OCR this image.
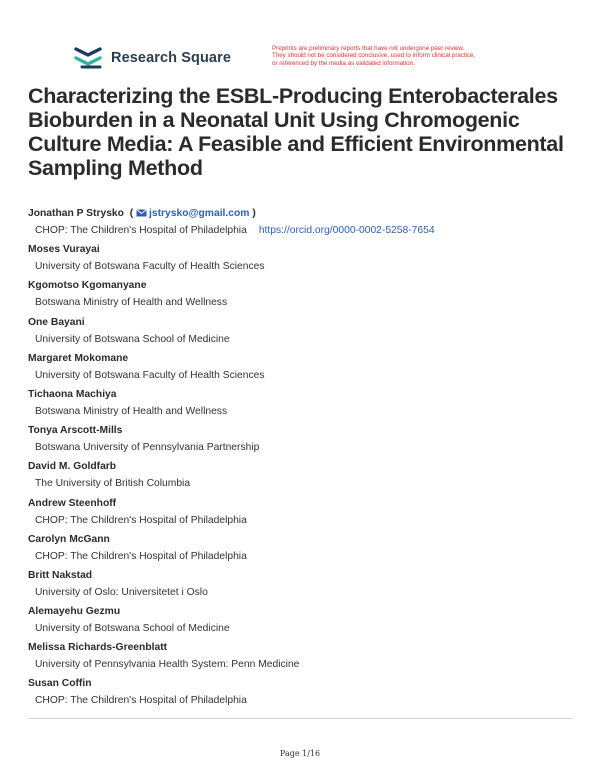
Research Square
Preprints are preliminary reports that have not undergone peer review.
They should not be considered conclusive, used to inform clinical practice,
or referenced by the media as validated information.
Characterizing the ESBL-Producing Enterobacterales Bioburden in a Neonatal Unit Using Chromogenic Culture Media: A Feasible and Efficient Environmental Sampling Method
Jonathan P Strysko  ( jstrysko@gmail.com )
CHOP: The Children's Hospital of Philadelphia https://orcid.org/0000-0002-5258-7654
Moses Vurayai
University of Botswana Faculty of Health Sciences
Kgomotso Kgomanyane
Botswana Ministry of Health and Wellness
One Bayani
University of Botswana School of Medicine
Margaret Mokomane
University of Botswana Faculty of Health Sciences
Tichaona Machiya
Botswana Ministry of Health and Wellness
Tonya Arscott-Mills
Botswana University of Pennsylvania Partnership
David M. Goldfarb
The University of British Columbia
Andrew Steenhoff
CHOP: The Children's Hospital of Philadelphia
Carolyn McGann
CHOP: The Children's Hospital of Philadelphia
Britt Nakstad
University of Oslo: Universitetet i Oslo
Alemayehu Gezmu
University of Botswana School of Medicine
Melissa Richards-Greenblatt
University of Pennsylvania Health System: Penn Medicine
Susan Coffin
CHOP: The Children's Hospital of Philadelphia
Page 1/16
